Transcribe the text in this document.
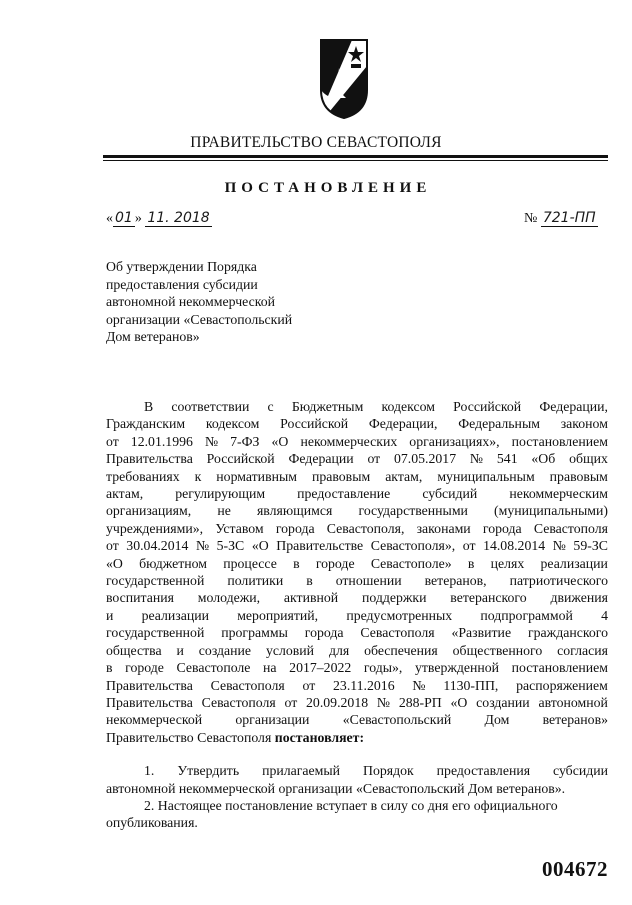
ПРАВИТЕЛЬСТВО СЕВАСТОПОЛЯ
ПОСТАНОВЛЕНИЕ
« 01 » 11. 2018	№ 721-ПП
Об утверждении Порядка
предоставления субсидии
автономной некоммерческой
организации «Севастопольский
Дом ветеранов»
В соответствии с Бюджетным кодексом Российской Федерации,
Гражданским кодексом Российской Федерации, Федеральным законом
от 12.01.1996 № 7-ФЗ «О некоммерческих организациях», постановлением
Правительства Российской Федерации от 07.05.2017 № 541 «Об общих
требованиях к нормативным правовым актам, муниципальным правовым
актам, регулирующим предоставление субсидий некоммерческим
организациям, не являющимся государственными (муниципальными)
учреждениями», Уставом города Севастополя, законами города Севастополя
от 30.04.2014 № 5-ЗС «О Правительстве Севастополя», от 14.08.2014 № 59-ЗС
«О бюджетном процессе в городе Севастополе» в целях реализации
государственной политики в отношении ветеранов, патриотического
воспитания молодежи, активной поддержки ветеранского движения
и реализации мероприятий, предусмотренных подпрограммой 4
государственной программы города Севастополя «Развитие гражданского
общества и создание условий для обеспечения общественного согласия
в городе Севастополе на 2017–2022 годы», утвержденной постановлением
Правительства Севастополя от 23.11.2016 № 1130-ПП, распоряжением
Правительства Севастополя от 20.09.2018 № 288-РП «О создании автономной
некоммерческой организации «Севастопольский Дом ветеранов»
Правительство Севастополя
постановляет:
1. Утвердить прилагаемый Порядок предоставления субсидии
автономной некоммерческой организации «Севастопольский Дом ветеранов».
2. Настоящее постановление вступает в силу со дня его официального
опубликования.
004672
